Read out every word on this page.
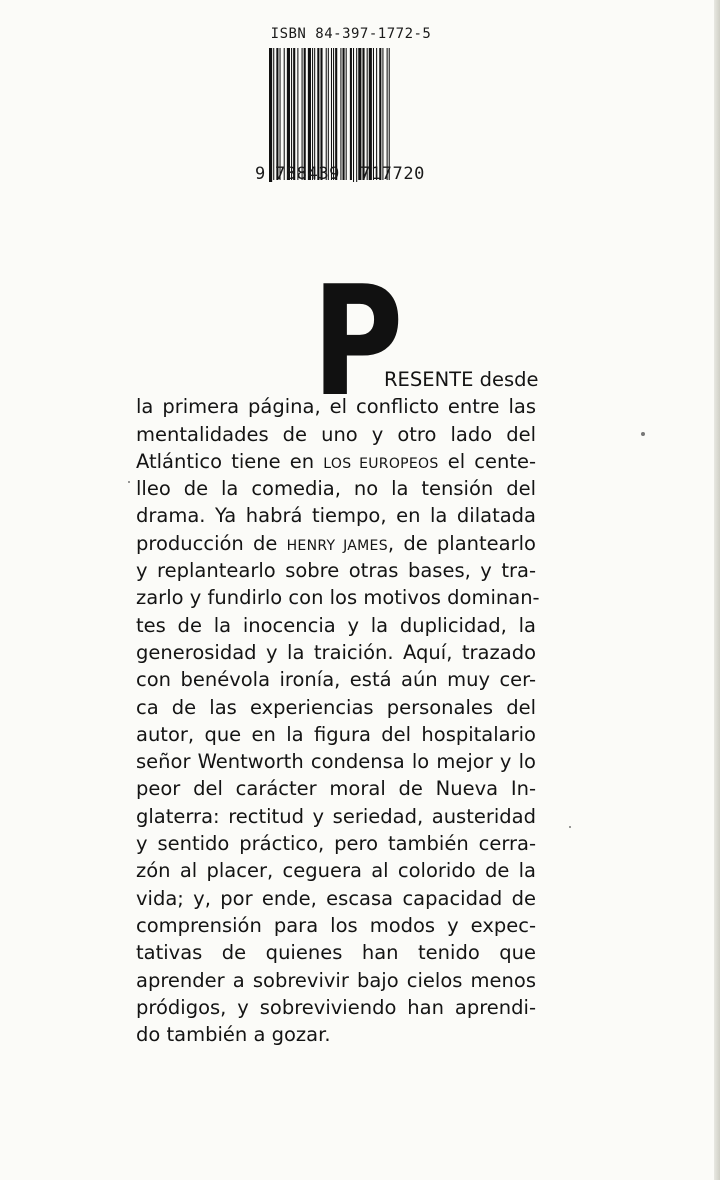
ISBN 84-397-1772-5
9 788439 717720
P
RESENTE desde
la primera página, el conflicto entre las
mentalidades de uno y otro lado del
Atlántico tiene en LOS EUROPEOS el cente-
lleo de la comedia, no la tensión del
drama. Ya habrá tiempo, en la dilatada
producción de HENRY JAMES, de plantearlo
y replantearlo sobre otras bases, y tra-
zarlo y fundirlo con los motivos dominan-
tes de la inocencia y la duplicidad, la
generosidad y la traición. Aquí, trazado
con benévola ironía, está aún muy cer-
ca de las experiencias personales del
autor, que en la figura del hospitalario
señor Wentworth condensa lo mejor y lo
peor del carácter moral de Nueva In-
glaterra: rectitud y seriedad, austeridad
y sentido práctico, pero también cerra-
zón al placer, ceguera al colorido de la
vida; y, por ende, escasa capacidad de
comprensión para los modos y expec-
tativas de quienes han tenido que
aprender a sobrevivir bajo cielos menos
pródigos, y sobreviviendo han aprendi-
do también a gozar.
